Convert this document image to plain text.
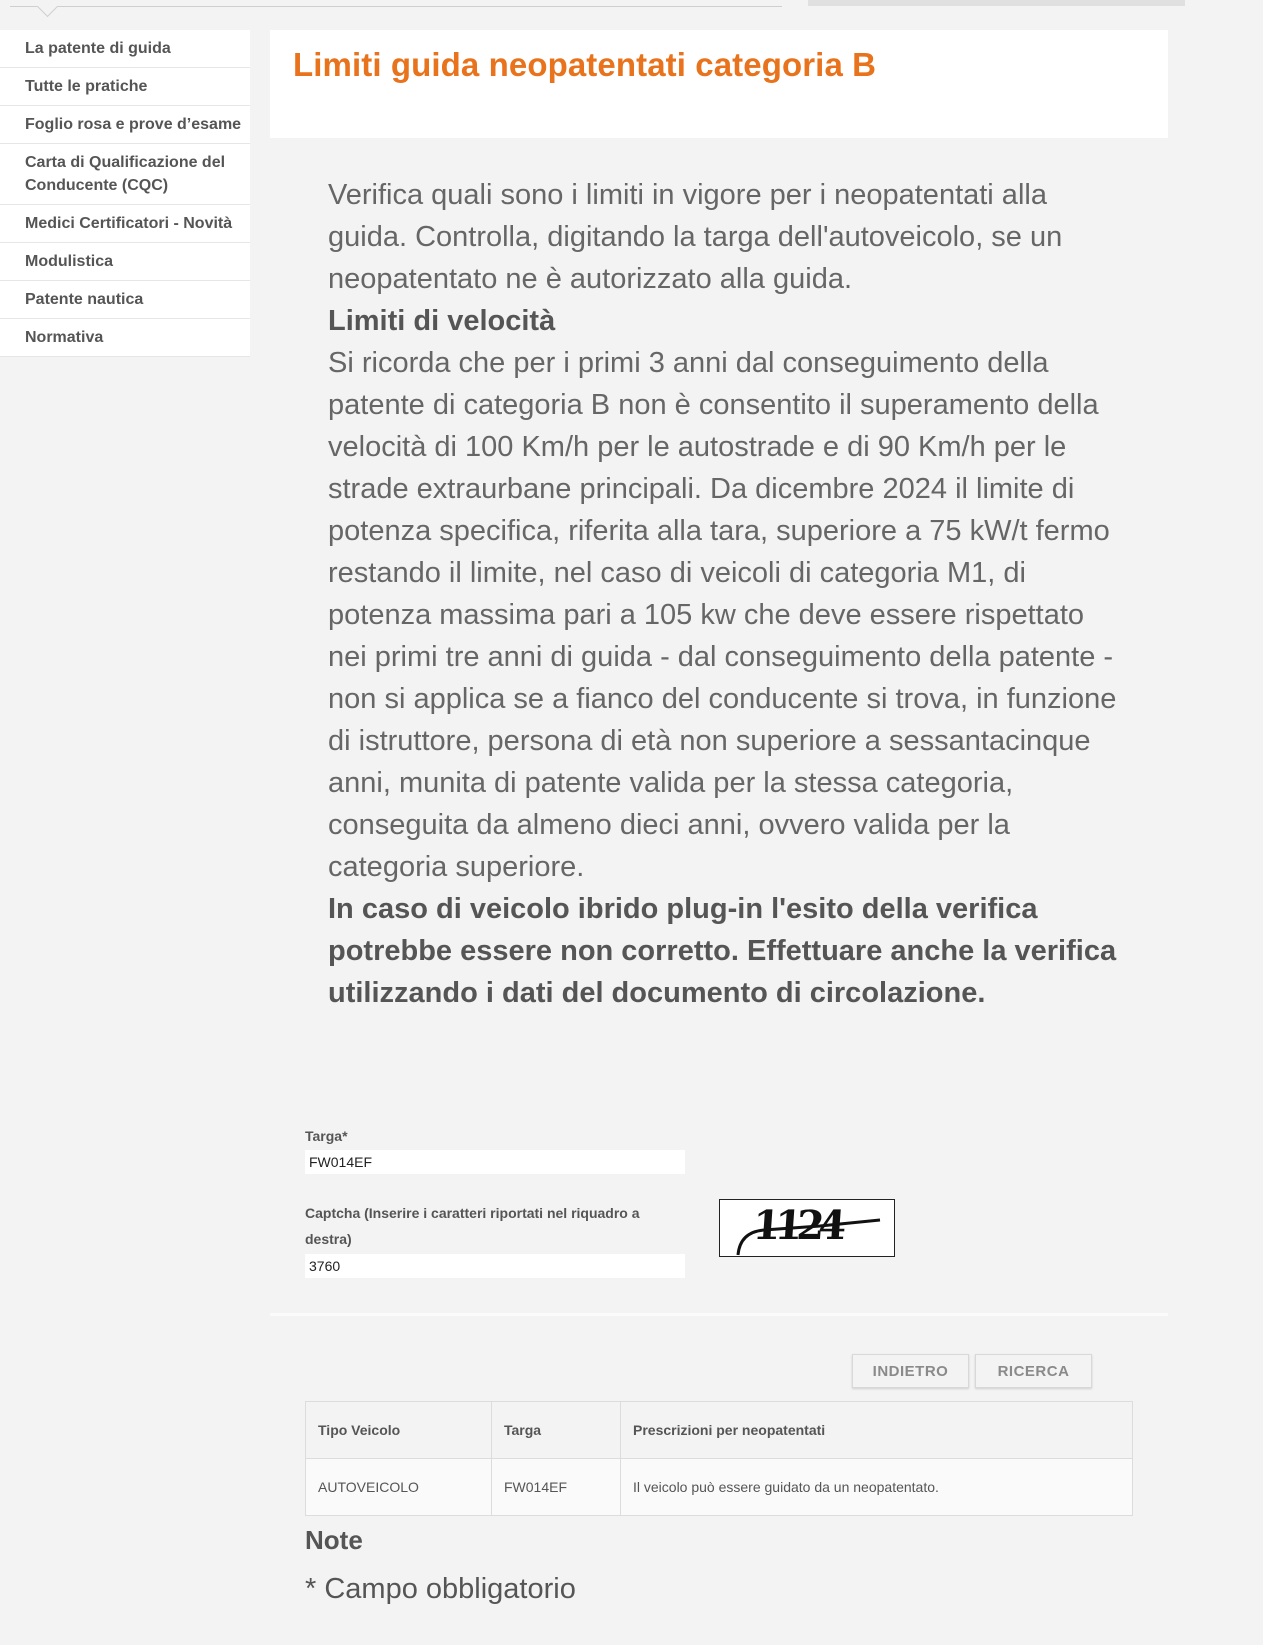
La patente di guida
Tutte le pratiche
Foglio rosa e prove d’esame
Carta di Qualificazione del Conducente (CQC)
Medici Certificatori - Novità
Modulistica
Patente nautica
Normativa
Limiti guida neopatentati categoria B

Verifica quali sono i limiti in vigore per i neopatentati alla guida. Controlla, digitando la targa dell'autoveicolo, se un neopatentato ne è autorizzato alla guida.

Limiti di velocità

Si ricorda che per i primi 3 anni dal conseguimento della patente di categoria B non è consentito il superamento della velocità di 100 Km/h per le autostrade e di 90 Km/h per le strade extraurbane principali. Da dicembre 2024 il limite di potenza specifica, riferita alla tara, superiore a 75 kW/t fermo restando il limite, nel caso di veicoli di categoria M1, di potenza massima pari a 105 kw che deve essere rispettato nei primi tre anni di guida - dal conseguimento della patente - non si applica se a fianco del conducente si trova, in funzione di istruttore, persona di età non superiore a sessantacinque anni, munita di patente valida per la stessa categoria, conseguita da almeno dieci anni, ovvero valida per la categoria superiore.

In caso di veicolo ibrido plug-in l'esito della verifica potrebbe essere non corretto. Effettuare anche la verifica utilizzando i dati del documento di circolazione.

Targa*
FW014EF
Captcha (Inserire i caratteri riportati nel riquadro a destra)
3760	1124
INDIETRO	RICERCA
Tipo Veicolo	Targa	Prescrizioni per neopatentati
AUTOVEICOLO	FW014EF	Il veicolo può essere guidato da un neopatentato.
Note
* Campo obbligatorio
